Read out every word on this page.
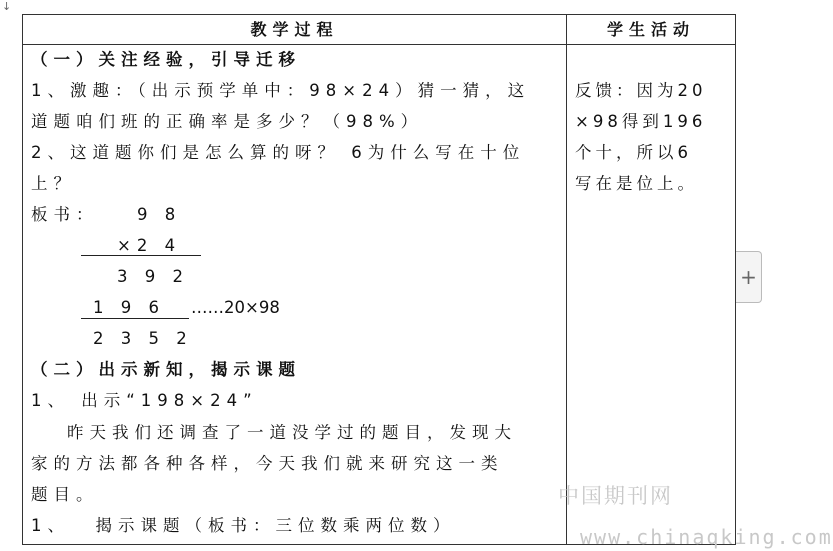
↓
教学过程	学生活动
（一）关注经验，引导迁移
1、激趣：（出示预学单中：98×24）猜一猜，这
道题咱们班的正确率是多少？（98%）
2、这道题你们是怎么算的呀？ 6为什么写在十位
上？
板书： 9 8
×2 4
3 9 2
1 9 6 ……20×98
2 3 5 2
（二）出示新知，揭示课题
1、 出示“198×24”
昨天我们还调查了一道没学过的题目，发现大
家的方法都各种各样，今天我们就来研究这一类
题目。
1、　 揭示课题（板书：三位数乘两位数）
反馈：因为20
×98得到196
个十，所以6
写在是位上。
+
中国期刊网
www.chinaqking.com
